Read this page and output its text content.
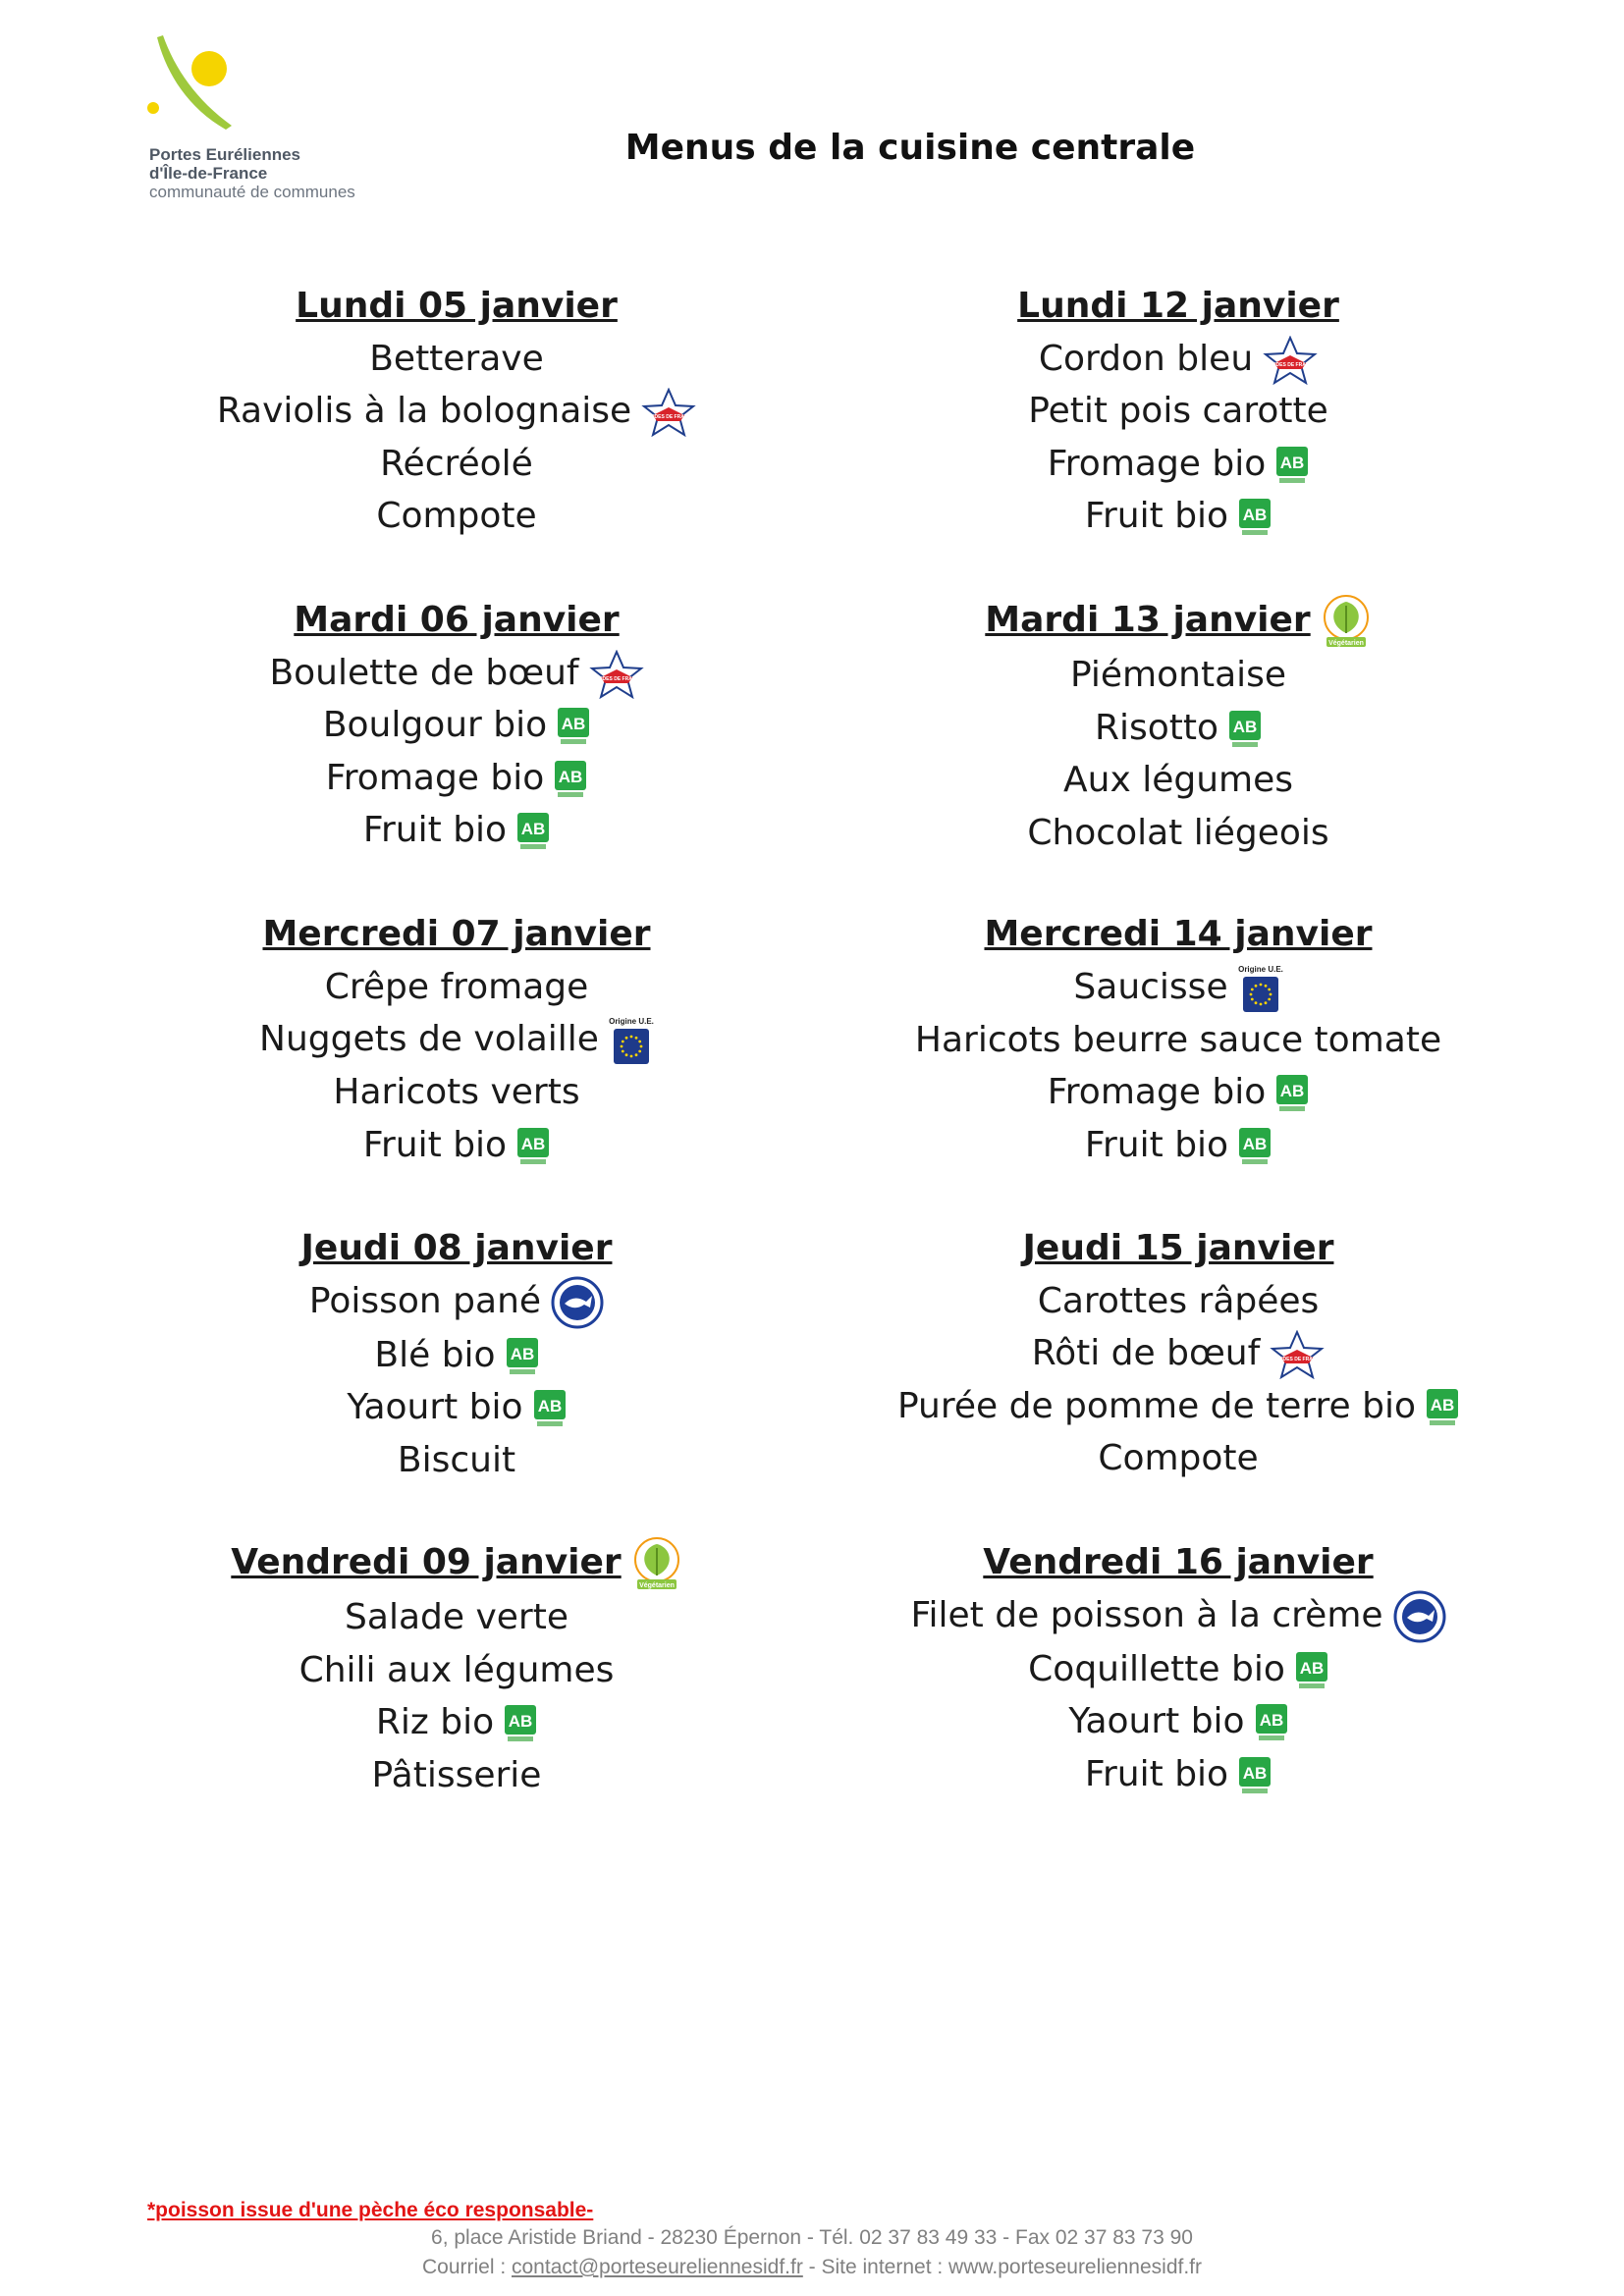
Portes Euréliennes
d'Île-de-France
communauté de communes
Menus de la cuisine centrale
Lundi 05 janvier
Betterave
Raviolis à la bolognaise VIANDES DE FRANCE
Récréolé
Compote
Mardi 06 janvier
Boulette de bœuf VIANDES DE FRANCE
Boulgour bio AB
Fromage bio AB
Fruit bio AB
Mercredi 07 janvier
Crêpe fromage
Nuggets de volaille Origine U.E.
Haricots verts
Fruit bio AB
Jeudi 08 janvier
Poisson pané
Blé bio AB
Yaourt bio AB
Biscuit
Vendredi 09 janvier
Végétarien
Salade verte
Chili aux légumes
Riz bio AB
Pâtisserie
Lundi 12 janvier
Cordon bleu VIANDES DE FRANCE
Petit pois carotte
Fromage bio AB
Fruit bio AB
Mardi 13 janvier
Végétarien
Piémontaise
Risotto AB
Aux légumes
Chocolat liégeois
Mercredi 14 janvier
Saucisse Origine U.E.
Haricots beurre sauce tomate
Fromage bio AB
Fruit bio AB
Jeudi 15 janvier
Carottes râpées
Rôti de bœuf VIANDES DE FRANCE
Purée de pomme de terre bio AB
Compote
Vendredi 16 janvier
Filet de poisson à la crème
Coquillette bio AB
Yaourt bio AB
Fruit bio AB
*poisson issue d'une pèche éco responsable-
6, place Aristide Briand - 28230 Épernon - Tél. 02 37 83 49 33 - Fax 02 37 83 73 90
Courriel : contact@porteseureliennesidf.fr - Site internet : www.porteseureliennesidf.fr
